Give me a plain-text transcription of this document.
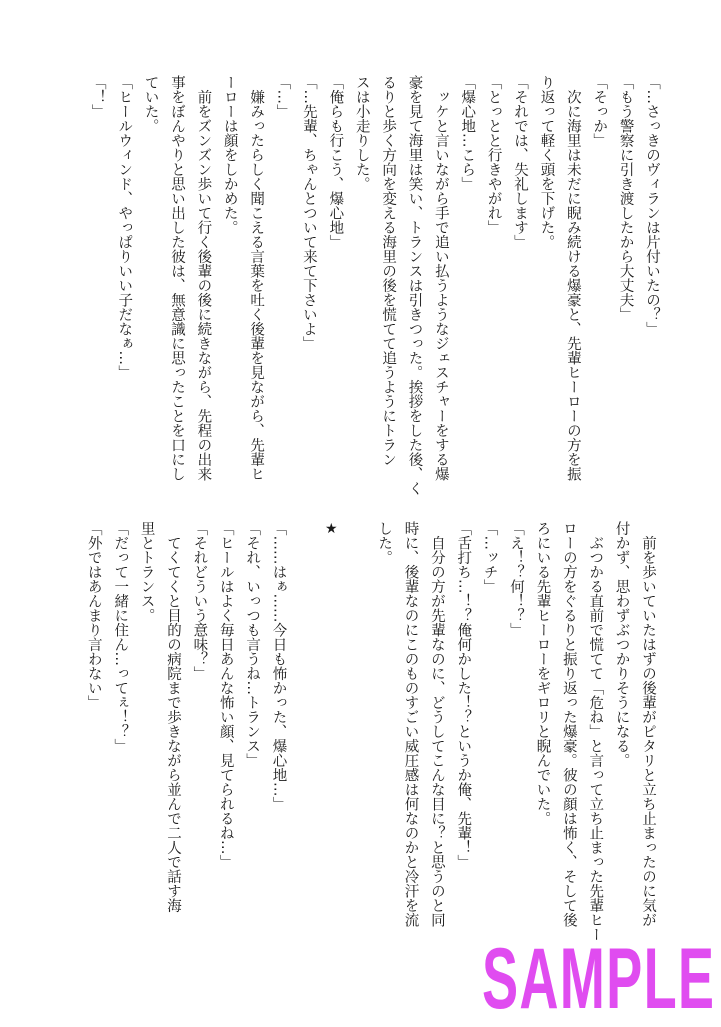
「…さっきのヴィランは片付いたの？」
「もう警察に引き渡したから大丈夫」
「そっか」
　次に海里は未だに睨み続ける爆豪と、先輩ヒーローの方を振
り返って軽く頭を下げた。
「それでは、失礼します」
「とっとと行きやがれ」
「爆心地…こら」
　ッケと言いながら手で追い払うようなジェスチャーをする爆
豪を見て海里は笑い、トランスは引きつった。挨拶をした後、く
るりと歩く方向を変える海里の後を慌てて追うようにトラン
スは小走りした。
「俺らも行こう、爆心地」
「…先輩、ちゃんとついて来て下さいよ」
「…」
　嫌みったらしく聞こえる言葉を吐く後輩を見ながら、先輩ヒ
ーローは顔をしかめた。
　前をズンズン歩いて行く後輩の後に続きながら、先程の出来
事をぼんやりと思い出した彼は、無意識に思ったことを口にし
ていた。
「ヒールウィンド、やっぱりいい子だなぁ…」
「！」
　前を歩いていたはずの後輩がピタリと立ち止まったのに気が
付かず、思わずぶつかりそうになる。
　ぶつかる直前で慌てて「危ね」と言って立ち止まった先輩ヒー
ローの方をぐるりと振り返った爆豪。彼の顔は怖く、そして後
ろにいる先輩ヒーローをギロリと睨んでいた。
「え！？何！？」
「…ッチ」
「舌打ち…！？俺何かした！？というか俺、先輩！」
　自分の方が先輩なのに、どうしてこんな目に？と思うのと同
時に、後輩なのにこのものすごい威圧感は何なのかと冷汗を流
した。
★
「……はぁ……今日も怖かった、爆心地…」
「それ、いっつも言うね…トランス」
「ヒールはよく毎日あんな怖い顔、見てられるね…」
「それどういう意味？」
　てくてくと目的の病院まで歩きながら並んで二人で話す海
里とトランス。
「だって一緒に住ん…ってぇ！？」
「外ではあんまり言わない」
SAMPLE
